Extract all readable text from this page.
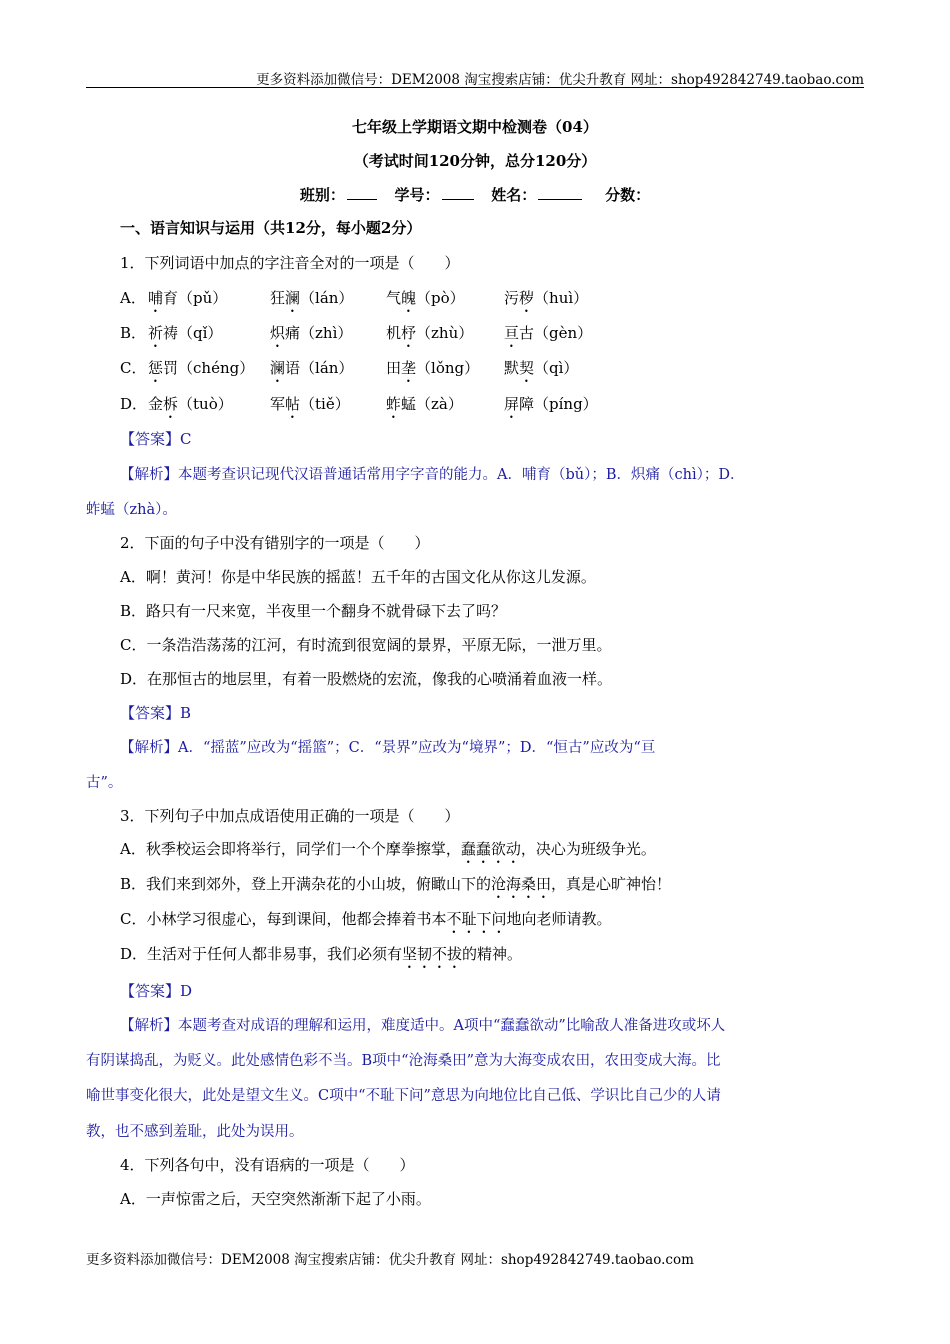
更多资料添加微信号：DEM2008 淘宝搜索店铺：优尖升教育 网址：shop492842749.taobao.com
七年级上学期语文期中检测卷（04）
（考试时间120分钟，总分120分）
班别：	学号：	姓名：	分数：
一、语言知识与运用（共12分，每小题2分）
1．下列词语中加点的字注音全对的一项是（　　）
A． 哺育（pǔ）	狂澜（lán） 气魄（pò）	污秽（huì）
B． 祈祷（qǐ）	炽痛（zhì） 机杼（zhù） 亘古（gèn）
C． 惩罚（chéng） 澜语（lán） 田垄（lǒng） 默契（qì）
D． 金柝（tuò） 军帖（tiě） 蚱蜢（zà）	屏障（píng）
【答案】C
【解析】本题考查识记现代汉语普通话常用字字音的能力。A．哺育（bǔ）；B．炽痛（chì）；D．
蚱蜢（zhà）。
2．下面的句子中没有错别字的一项是（　　）
A．啊！黄河！你是中华民族的摇蓝！五千年的古国文化从你这儿发源。
B．路只有一尺来宽，半夜里一个翻身不就骨碌下去了吗？
C．一条浩浩荡荡的江河，有时流到很宽阔的景界，平原无际，一泄万里。
D．在那恒古的地层里，有着一股燃烧的宏流，像我的心喷涌着血液一样。
【答案】B
【解析】A．“摇蓝”应改为“摇篮”；C．“景界”应改为“境界”；D．“恒古”应改为“亘
古”。
3．下列句子中加点成语使用正确的一项是（　　）
A．秋季校运会即将举行，同学们一个个摩拳擦掌，蠢蠢欲动，决心为班级争光。
B．我们来到郊外，登上开满杂花的小山坡，俯瞰山下的沧海桑田，真是心旷神怡！
C．小林学习很虚心，每到课间，他都会捧着书本不耻下问地向老师请教。
D．生活对于任何人都非易事，我们必须有坚韧不拔的精神。
【答案】D
【解析】本题考查对成语的理解和运用，难度适中。A项中“蠢蠢欲动”比喻敌人准备进攻或坏人
有阴谋捣乱，为贬义。此处感情色彩不当。B项中“沧海桑田”意为大海变成农田，农田变成大海。比
喻世事变化很大，此处是望文生义。C项中“不耻下问”意思为向地位比自己低、学识比自己少的人请
教，也不感到羞耻，此处为误用。
4．下列各句中，没有语病的一项是（　　）
A．一声惊雷之后，天空突然渐渐下起了小雨。
更多资料添加微信号：DEM2008 淘宝搜索店铺：优尖升教育 网址：shop492842749.taobao.com
